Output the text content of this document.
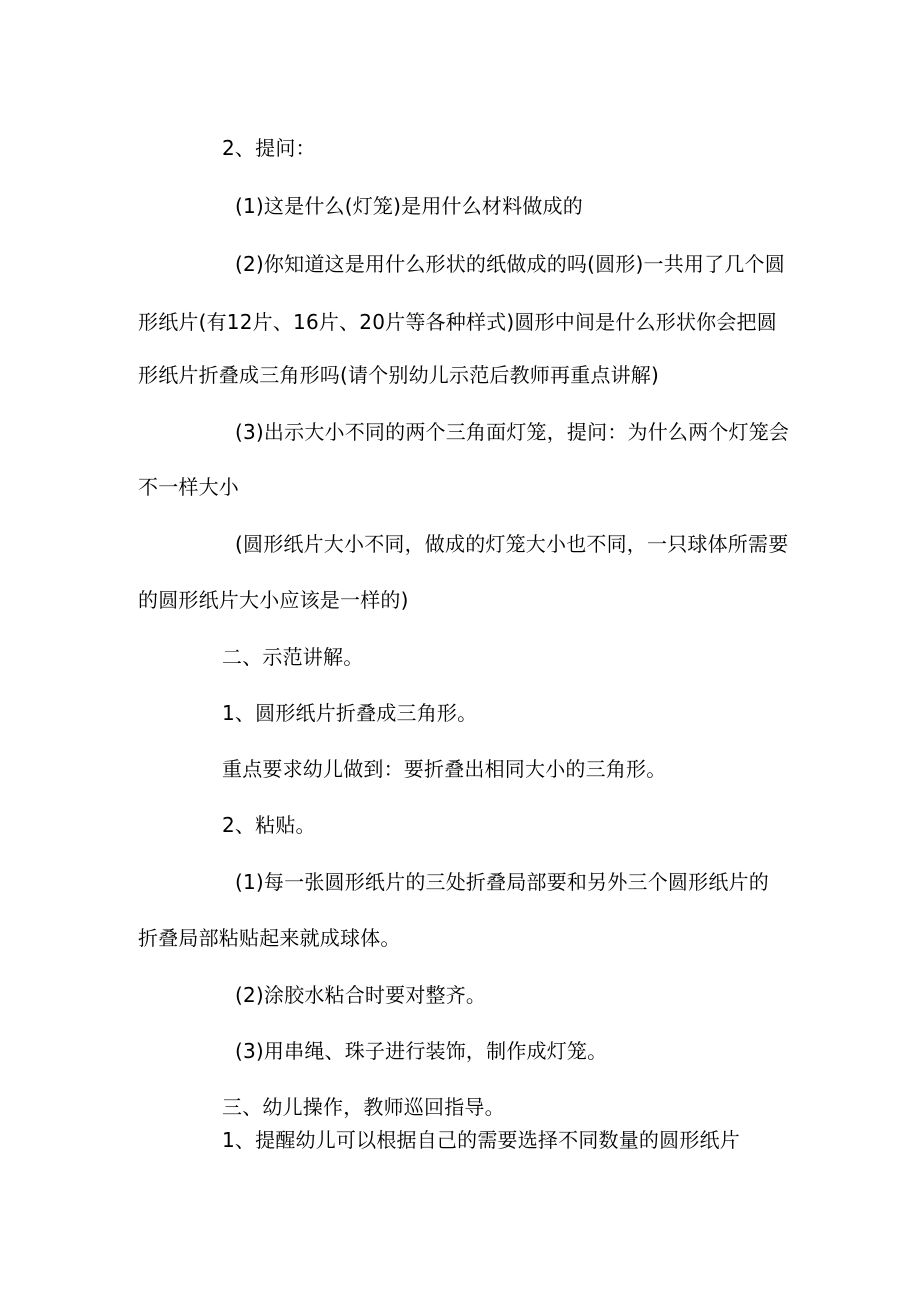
2、提问：
(1)这是什么(灯笼)是用什么材料做成的
(2)你知道这是用什么形状的纸做成的吗(圆形)一共用了几个圆
形纸片(有12片、16片、20片等各种样式)圆形中间是什么形状你会把圆
形纸片折叠成三角形吗(请个别幼儿示范后教师再重点讲解)
(3)出示大小不同的两个三角面灯笼，提问：为什么两个灯笼会
不一样大小
(圆形纸片大小不同，做成的灯笼大小也不同，一只球体所需要
的圆形纸片大小应该是一样的)
二、示范讲解。
1、圆形纸片折叠成三角形。
重点要求幼儿做到：要折叠出相同大小的三角形。
2、粘贴。
(1)每一张圆形纸片的三处折叠局部要和另外三个圆形纸片的
折叠局部粘贴起来就成球体。
(2)涂胶水粘合时要对整齐。
(3)用串绳、珠子进行装饰，制作成灯笼。
三、幼儿操作，教师巡回指导。
1、提醒幼儿可以根据自己的需要选择不同数量的圆形纸片
